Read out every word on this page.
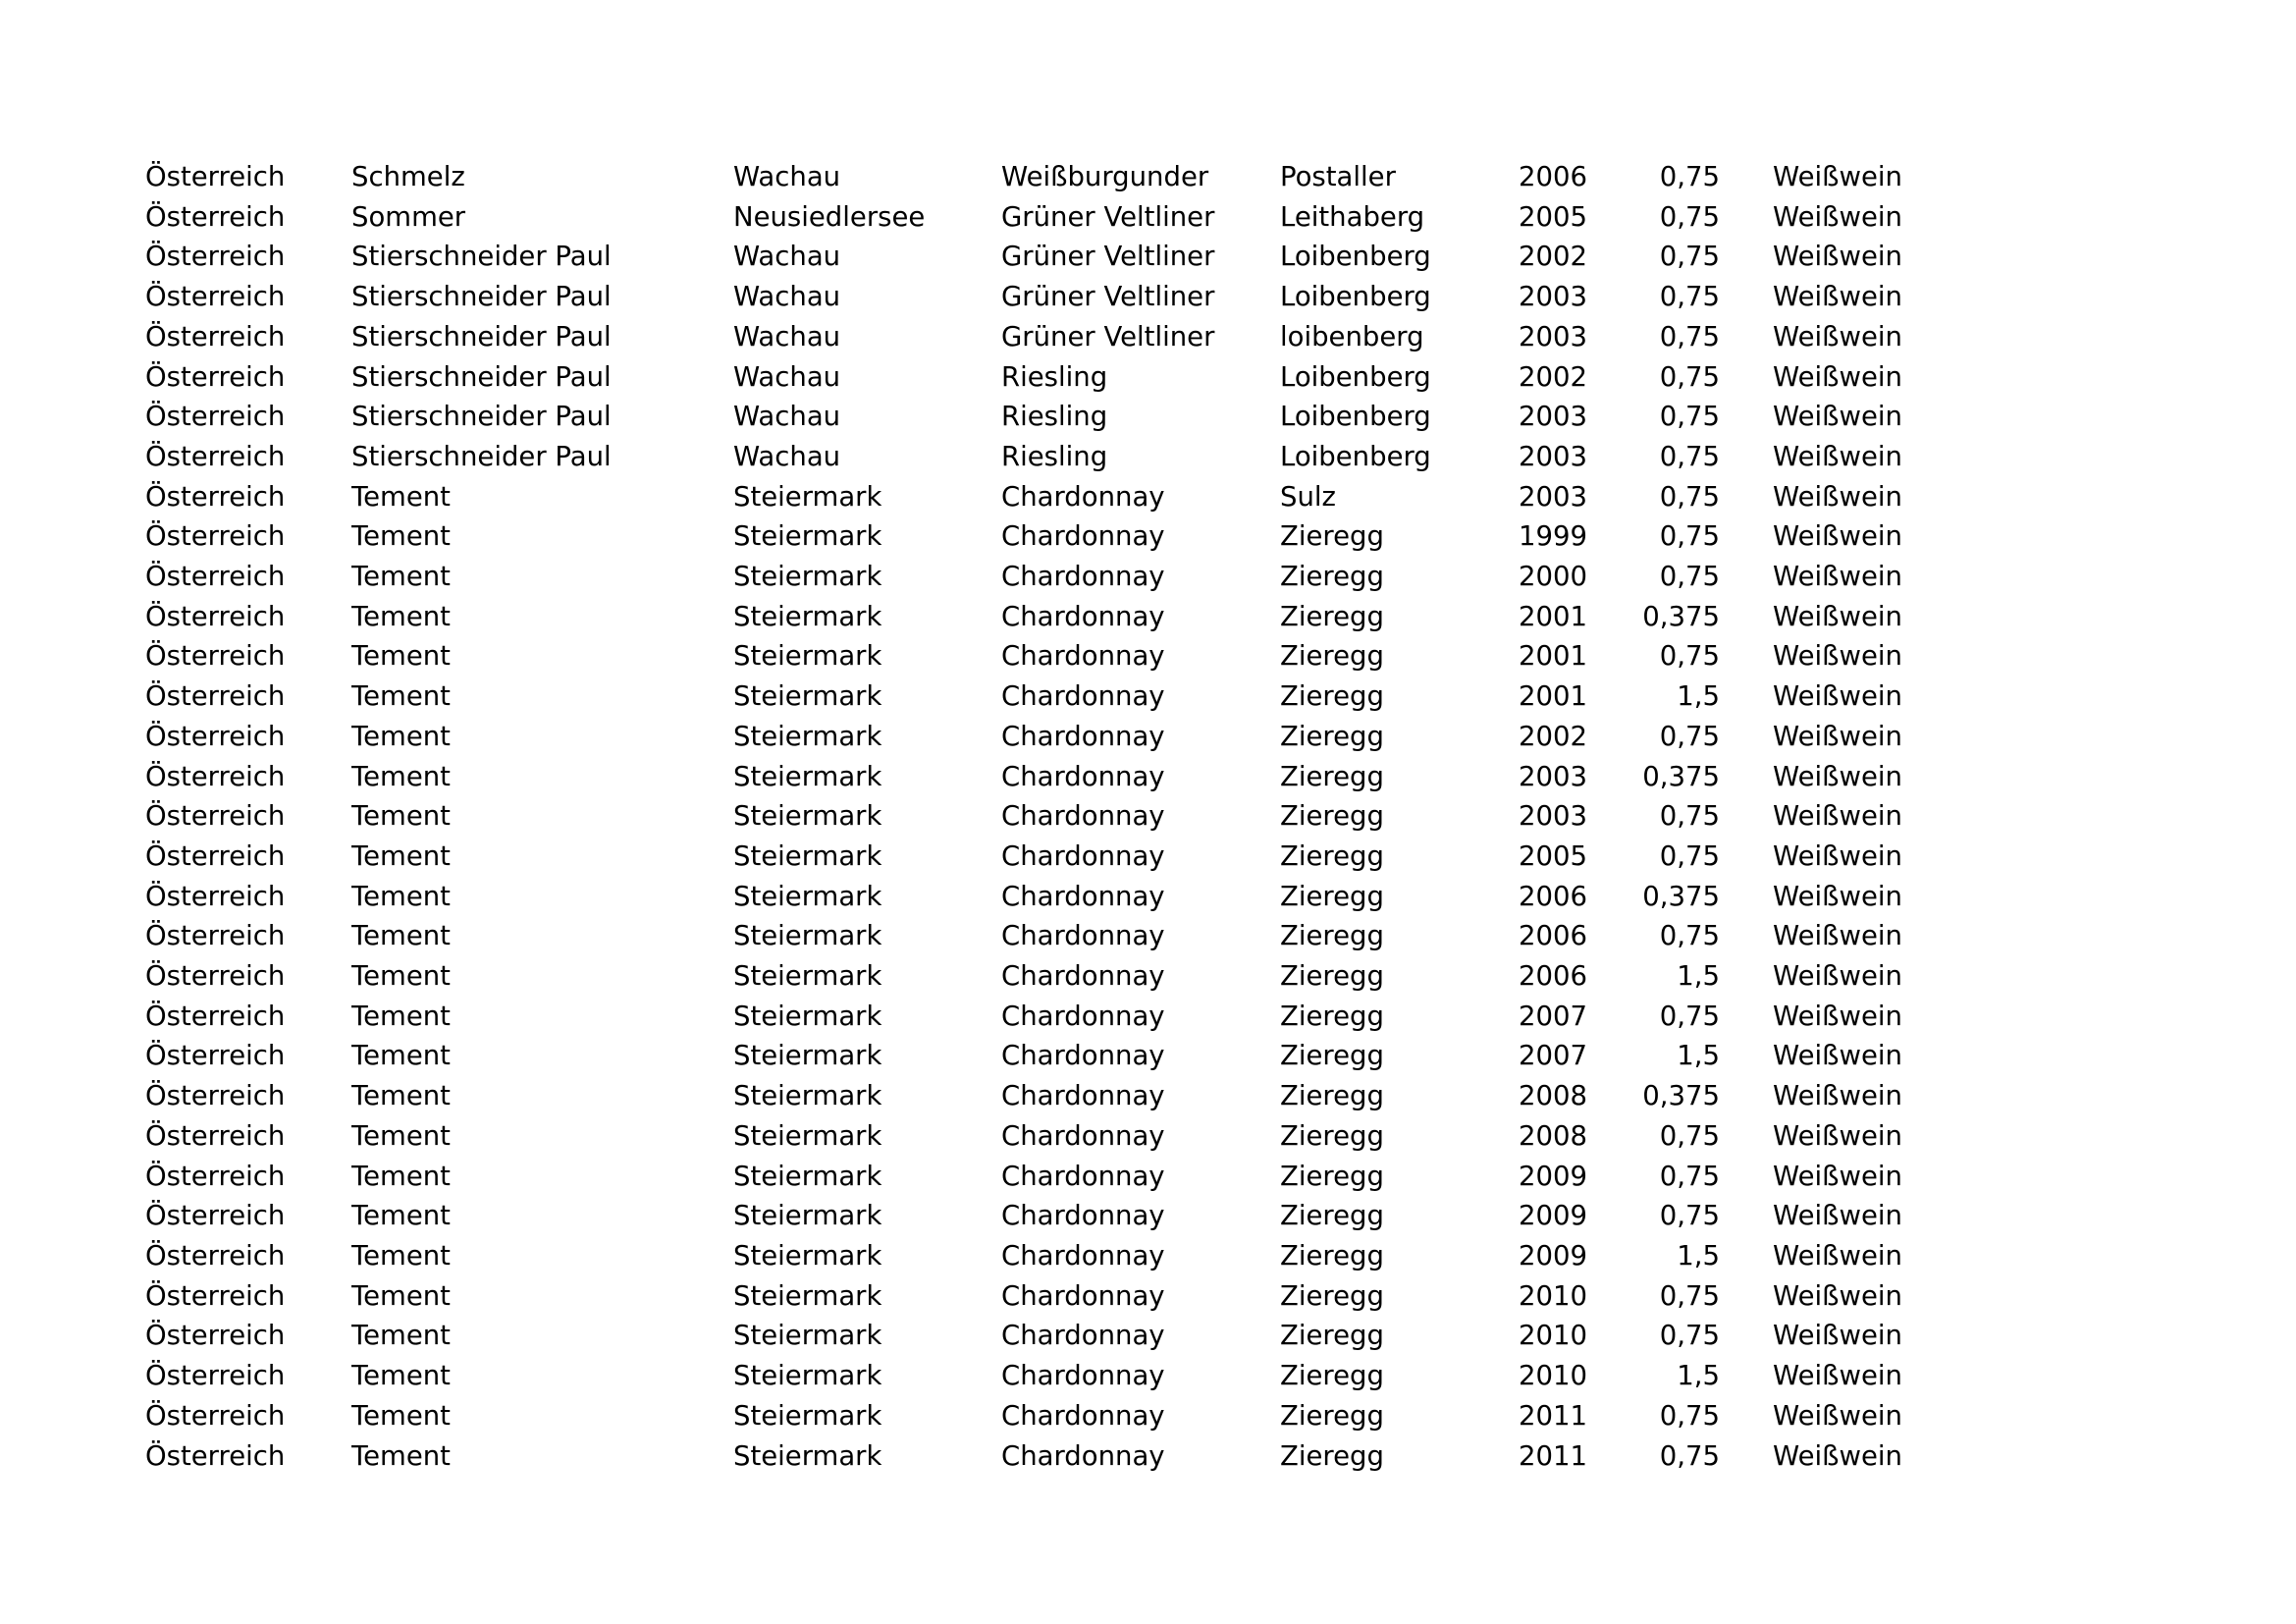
Österreich	Schmelz	Wachau	Weißburgunder	Postaller	2006	0,75		Weißwein
Österreich	Sommer	Neusiedlersee	Grüner Veltliner	Leithaberg	2005	0,75		Weißwein
Österreich	Stierschneider Paul	Wachau	Grüner Veltliner	Loibenberg	2002	0,75		Weißwein
Österreich	Stierschneider Paul	Wachau	Grüner Veltliner	Loibenberg	2003	0,75		Weißwein
Österreich	Stierschneider Paul	Wachau	Grüner Veltliner	loibenberg	2003	0,75		Weißwein
Österreich	Stierschneider Paul	Wachau	Riesling	Loibenberg	2002	0,75		Weißwein
Österreich	Stierschneider Paul	Wachau	Riesling	Loibenberg	2003	0,75		Weißwein
Österreich	Stierschneider Paul	Wachau	Riesling	Loibenberg	2003	0,75		Weißwein
Österreich	Tement	Steiermark	Chardonnay	Sulz	2003	0,75		Weißwein
Österreich	Tement	Steiermark	Chardonnay	Zieregg	1999	0,75		Weißwein
Österreich	Tement	Steiermark	Chardonnay	Zieregg	2000	0,75		Weißwein
Österreich	Tement	Steiermark	Chardonnay	Zieregg	2001	0,375		Weißwein
Österreich	Tement	Steiermark	Chardonnay	Zieregg	2001	0,75		Weißwein
Österreich	Tement	Steiermark	Chardonnay	Zieregg	2001	1,5		Weißwein
Österreich	Tement	Steiermark	Chardonnay	Zieregg	2002	0,75		Weißwein
Österreich	Tement	Steiermark	Chardonnay	Zieregg	2003	0,375		Weißwein
Österreich	Tement	Steiermark	Chardonnay	Zieregg	2003	0,75		Weißwein
Österreich	Tement	Steiermark	Chardonnay	Zieregg	2005	0,75		Weißwein
Österreich	Tement	Steiermark	Chardonnay	Zieregg	2006	0,375		Weißwein
Österreich	Tement	Steiermark	Chardonnay	Zieregg	2006	0,75		Weißwein
Österreich	Tement	Steiermark	Chardonnay	Zieregg	2006	1,5		Weißwein
Österreich	Tement	Steiermark	Chardonnay	Zieregg	2007	0,75		Weißwein
Österreich	Tement	Steiermark	Chardonnay	Zieregg	2007	1,5		Weißwein
Österreich	Tement	Steiermark	Chardonnay	Zieregg	2008	0,375		Weißwein
Österreich	Tement	Steiermark	Chardonnay	Zieregg	2008	0,75		Weißwein
Österreich	Tement	Steiermark	Chardonnay	Zieregg	2009	0,75		Weißwein
Österreich	Tement	Steiermark	Chardonnay	Zieregg	2009	0,75		Weißwein
Österreich	Tement	Steiermark	Chardonnay	Zieregg	2009	1,5		Weißwein
Österreich	Tement	Steiermark	Chardonnay	Zieregg	2010	0,75		Weißwein
Österreich	Tement	Steiermark	Chardonnay	Zieregg	2010	0,75		Weißwein
Österreich	Tement	Steiermark	Chardonnay	Zieregg	2010	1,5		Weißwein
Österreich	Tement	Steiermark	Chardonnay	Zieregg	2011	0,75		Weißwein
Österreich	Tement	Steiermark	Chardonnay	Zieregg	2011	0,75		Weißwein
